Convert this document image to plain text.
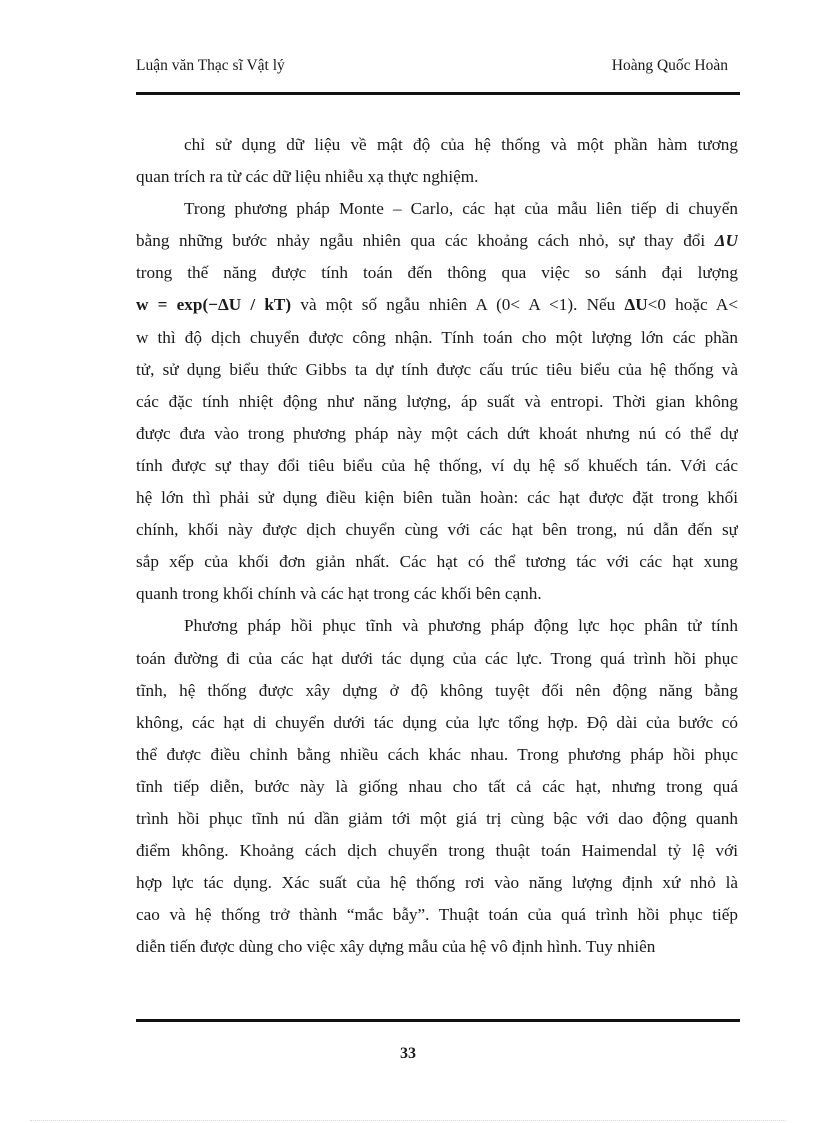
Luận văn Thạc sĩ Vật lý	Hoàng Quốc Hoàn
chỉ sử dụng dữ liệu về mật độ của hệ thống và một phần hàm tương
quan trích ra từ các dữ liệu nhiễu xạ thực nghiệm.
Trong phương pháp Monte – Carlo, các hạt của mẫu liên tiếp di chuyển
bằng những bước nhảy ngẫu nhiên qua các khoảng cách nhỏ, sự thay đổi ΔU
trong thế năng được tính toán đến thông qua việc so sánh đại lượng
w = exp(−ΔU / kT) và một số ngẫu nhiên A (0< A <1). Nếu ΔU<0 hoặc A<
w thì độ dịch chuyển được công nhận. Tính toán cho một lượng lớn các phần
tử, sử dụng biểu thức Gibbs ta dự tính được cấu trúc tiêu biểu của hệ thống và
các đặc tính nhiệt động như năng lượng, áp suất và entropi. Thời gian không
được đưa vào trong phương pháp này một cách dứt khoát nhưng nú có thể dự
tính được sự thay đổi tiêu biểu của hệ thống, ví dụ hệ số khuếch tán. Với các
hệ lớn thì phải sử dụng điều kiện biên tuần hoàn: các hạt được đặt trong khối
chính, khối này được dịch chuyển cùng với các hạt bên trong, nú dẫn đến sự
sắp xếp của khối đơn giản nhất. Các hạt có thể tương tác với các hạt xung
quanh trong khối chính và các hạt trong các khối bên cạnh.
Phương pháp hồi phục tĩnh và phương pháp động lực học phân tử tính
toán đường đi của các hạt dưới tác dụng của các lực. Trong quá trình hồi phục
tĩnh, hệ thống được xây dựng ở độ không tuyệt đối nên động năng bằng
không, các hạt di chuyển dưới tác dụng của lực tổng hợp. Độ dài của bước có
thể được điều chỉnh bằng nhiều cách khác nhau. Trong phương pháp hồi phục
tĩnh tiếp diễn, bước này là giống nhau cho tất cả các hạt, nhưng trong quá
trình hồi phục tĩnh nú dần giảm tới một giá trị cùng bậc với dao động quanh
điểm không. Khoảng cách dịch chuyển trong thuật toán Haimendal tỷ lệ với
hợp lực tác dụng. Xác suất của hệ thống rơi vào năng lượng định xứ nhỏ là
cao và hệ thống trở thành “mắc bẫy”. Thuật toán của quá trình hồi phục tiếp
diễn tiến được dùng cho việc xây dựng mẫu của hệ vô định hình. Tuy nhiên
33
